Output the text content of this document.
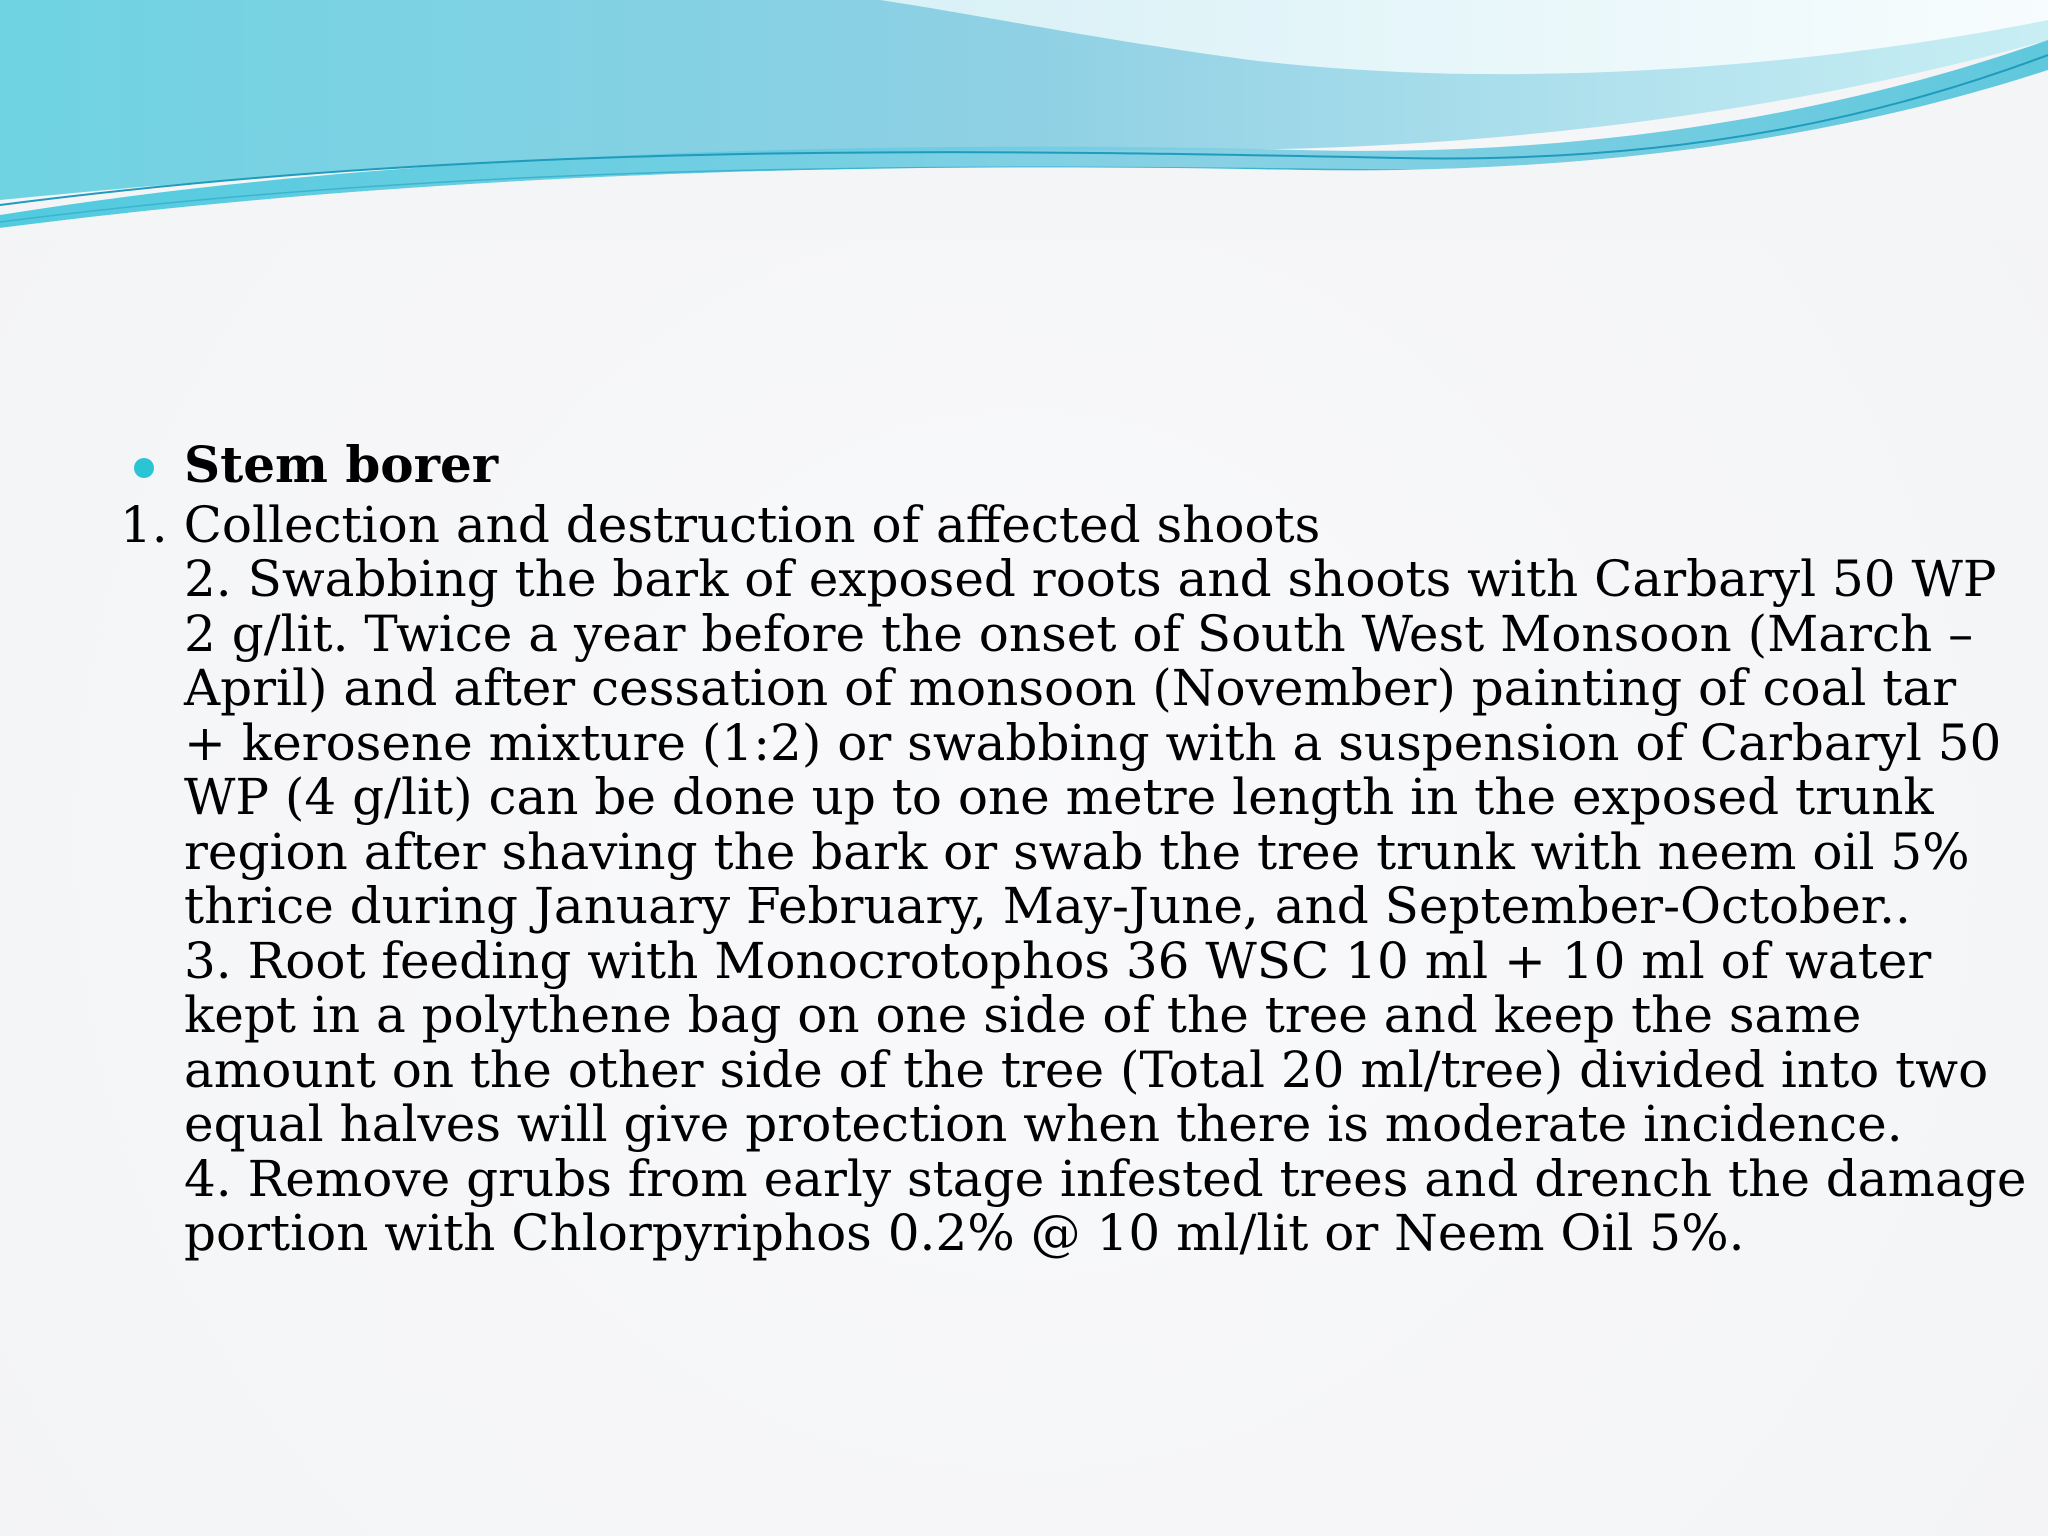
Stem borer
1. Collection and destruction of affected shoots
2. Swabbing the bark of exposed roots and shoots with Carbaryl 50 WP
2 g/lit. Twice a year before the onset of South West Monsoon (March –
April) and after cessation of monsoon (November) painting of coal tar
+ kerosene mixture (1:2) or swabbing with a suspension of Carbaryl 50
WP (4 g/lit) can be done up to one metre length in the exposed trunk
region after shaving the bark or swab the tree trunk with neem oil 5%
thrice during January February, May-June, and September-October..
3. Root feeding with Monocrotophos 36 WSC 10 ml + 10 ml of water
kept in a polythene bag on one side of the tree and keep the same
amount on the other side of the tree (Total 20 ml/tree) divided into two
equal halves will give protection when there is moderate incidence.
4. Remove grubs from early stage infested trees and drench the damage
portion with Chlorpyriphos 0.2% @ 10 ml/lit or Neem Oil 5%.
